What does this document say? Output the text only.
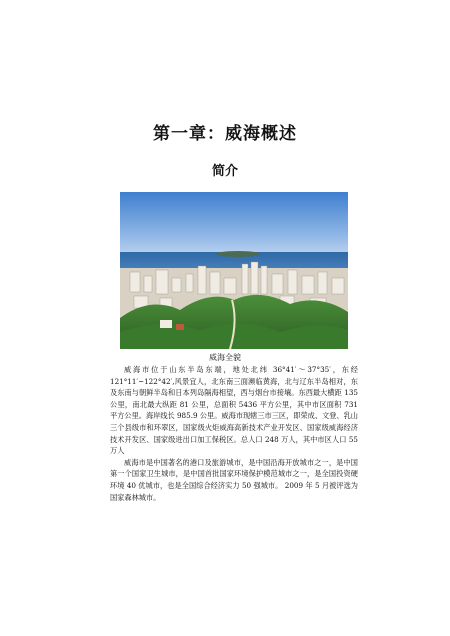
第一章：威海概述
简介
威海全貌

威海市位于山东半岛东端，地处北纬 36°41′～37°35′，东经 121°11′~122°42′,风景宜人，北东南三面濒临黄海，北与辽东半岛相对，东及东南与朝鲜半岛和日本列岛隔海相望，西与烟台市接壤。东西最大横距 135 公里，南北最大纵距 81 公里，总面积 5436 平方公里，其中市区面积 731 平方公里。海岸线长 985.9 公里。威海市现辖三市三区，即荣成、文登、乳山三个县级市和环翠区，国家级火炬威海高新技术产业开发区、国家级威海经济技术开发区、国家级进出口加工保税区。总人口 248 万人，其中市区人口 55 万人

威海市是中国著名的港口及旅游城市，是中国沿海开放城市之一，是中国第一个国家卫生城市，是中国首批国家环境保护模范城市之一，是全国投资硬环境 40 优城市，也是全国综合经济实力 50 强城市。 2009 年 5 月被评选为国家森林城市。
